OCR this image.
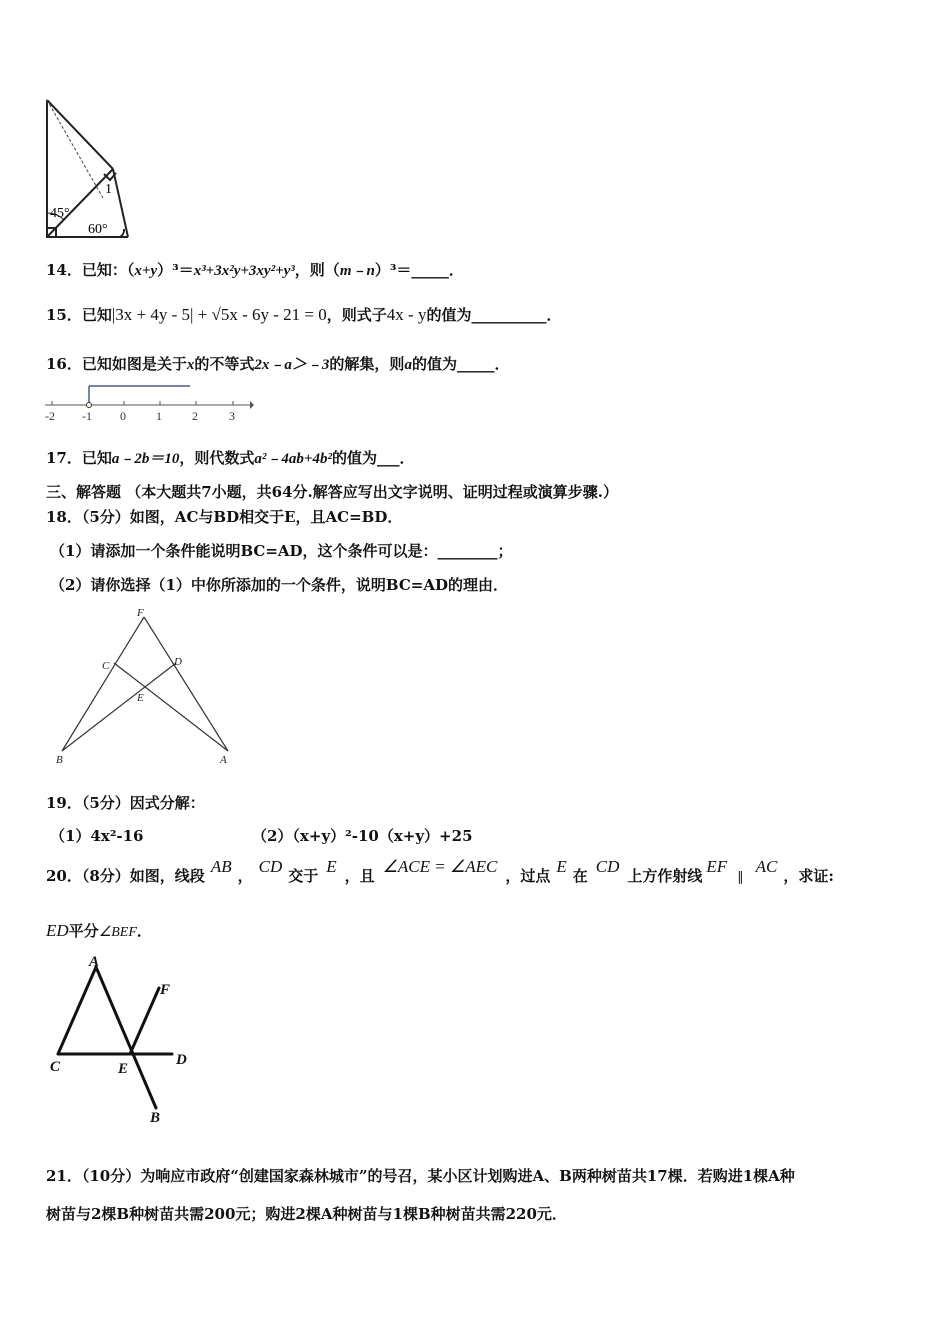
45°
60°
1
14．已知：（x+y）³＝x³+3x²y+3xy²+y³，则（m﹣n）³＝_____．
15．已知|3x + 4y - 5| + √5x - 6y - 21 = 0，则式子4x - y的值为__________．
16．已知如图是关于x的不等式2x﹣a＞﹣3的解集，则a的值为_____．
-2 -1 0	1	2	3
17．已知a﹣2b＝10，则代数式a²﹣4ab+4b²的值为___．
三、解答题 （本大题共7小题，共64分.解答应写出文字说明、证明过程或演算步骤.）
18．（5分）如图，AC与BD相交于E，且AC=BD．
（1）请添加一个条件能说明BC=AD，这个条件可以是：________；
（2）请你选择（1）中你所添加的一个条件，说明BC=AD的理由．
F
C	D
E
B	A
19．（5分）因式分解：
（1）4x²-16	（2）（x+y）²-10（x+y）+25
20．（8分）如图，线段 AB ， CD 交于 E ，且 ∠ACE = ∠AEC ，过点 E 在 CD 上方作射线 EF∥AC ，求证:
ED平分∠BEF．
A
F
C	E
D
B
21．（10分）为响应市政府“创建国家森林城市”的号召，某小区计划购进A、B两种树苗共17棵．若购进1棵A种
树苗与2棵B种树苗共需200元；购进2棵A种树苗与1棵B种树苗共需220元．
